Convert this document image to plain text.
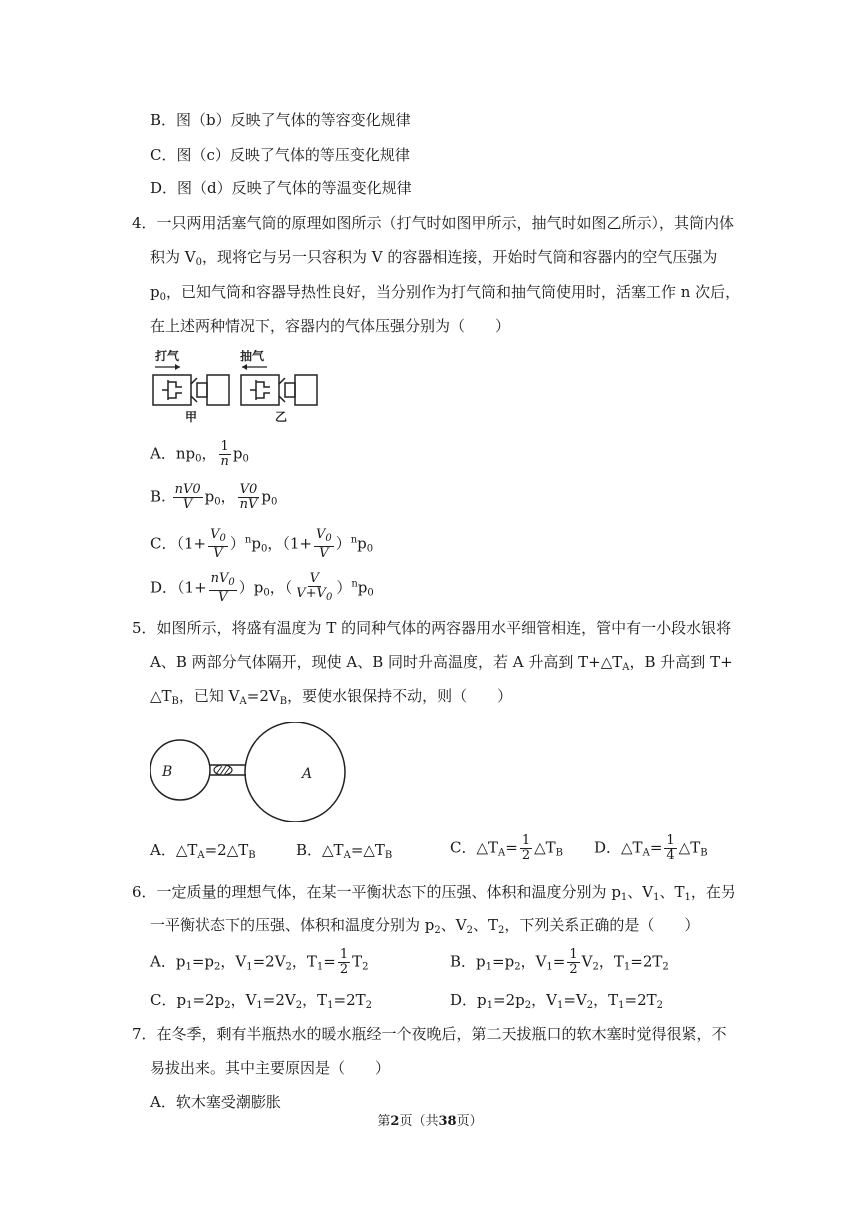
B．图（b）反映了气体的等容变化规律
C．图（c）反映了气体的等压变化规律
D．图（d）反映了气体的等温变化规律
4．一只两用活塞气筒的原理如图所示（打气时如图甲所示，抽气时如图乙所示），其筒内体
积为 $V_0$，现将它与另一只容积为 V 的容器相连接，开始时气筒和容器内的空气压强为
$p_0$，已知气筒和容器导热性良好，当分别作为打气筒和抽气筒使用时，活塞工作 n 次后，
在上述两种情况下，容器内的气体压强分别为（　　）
打气	抽气
甲	乙
A．$np_0$， $\frac{1}{n} p_0$
B. $\frac{nV0}{V} p_0$， $\frac{V0}{nV} p_0$
C．$(1+ \frac{V_0}{V} )^np_0$，$(1+ \frac{V_0}{V} )^np_0$
D．$(1+ \frac{nV_0}{V} )p_0$，（ $\frac{V}{V+V_0} )^np_0$
5．如图所示，将盛有温度为 T 的同种气体的两容器用水平细管相连，管中有一小段水银将
A、B 两部分气体隔开，现使 A、B 同时升高温度，若 A 升高到 $T+\triangle T_A$，B 升高到 T+
$\triangle T_B$，已知 $V_A=2V_B$，要使水银保持不动，则（　　）
B	A
A．$\triangle T_A=2\triangle T_B$	B．$\triangle T_A=\triangle T_B$	C．$\triangle T_A= \frac{1}{2}$ $\triangle T_B$ D．$\triangle T_A= \frac{1}{4}$ $\triangle T_B$
6．一定质量的理想气体，在某一平衡状态下的压强、体积和温度分别为 $p_1$、$V_1$、$T_1$，在另
一平衡状态下的压强、体积和温度分别为 $p_2$、$V_2$、$T_2$，下列关系正确的是（　　）
A．$p_1=p_2$，$V_1=2V_2$，$T_1= \frac{1}{2} T_2$	B．$p_1=p_2$，$V_1= \frac{1}{2} V_2$，$T_1=2T_2$
C．$p_1=2p_2$，$V_1=2V_2$，$T_1=2T_2$	D．$p_1=2p_2$，$V_1=V_2$，$T_1=2T_2$
7．在冬季，剩有半瓶热水的暖水瓶经一个夜晚后，第二天拔瓶口的软木塞时觉得很紧，不
易拔出来。其中主要原因是（　　）
A．软木塞受潮膨胀
第2页（共38页）
